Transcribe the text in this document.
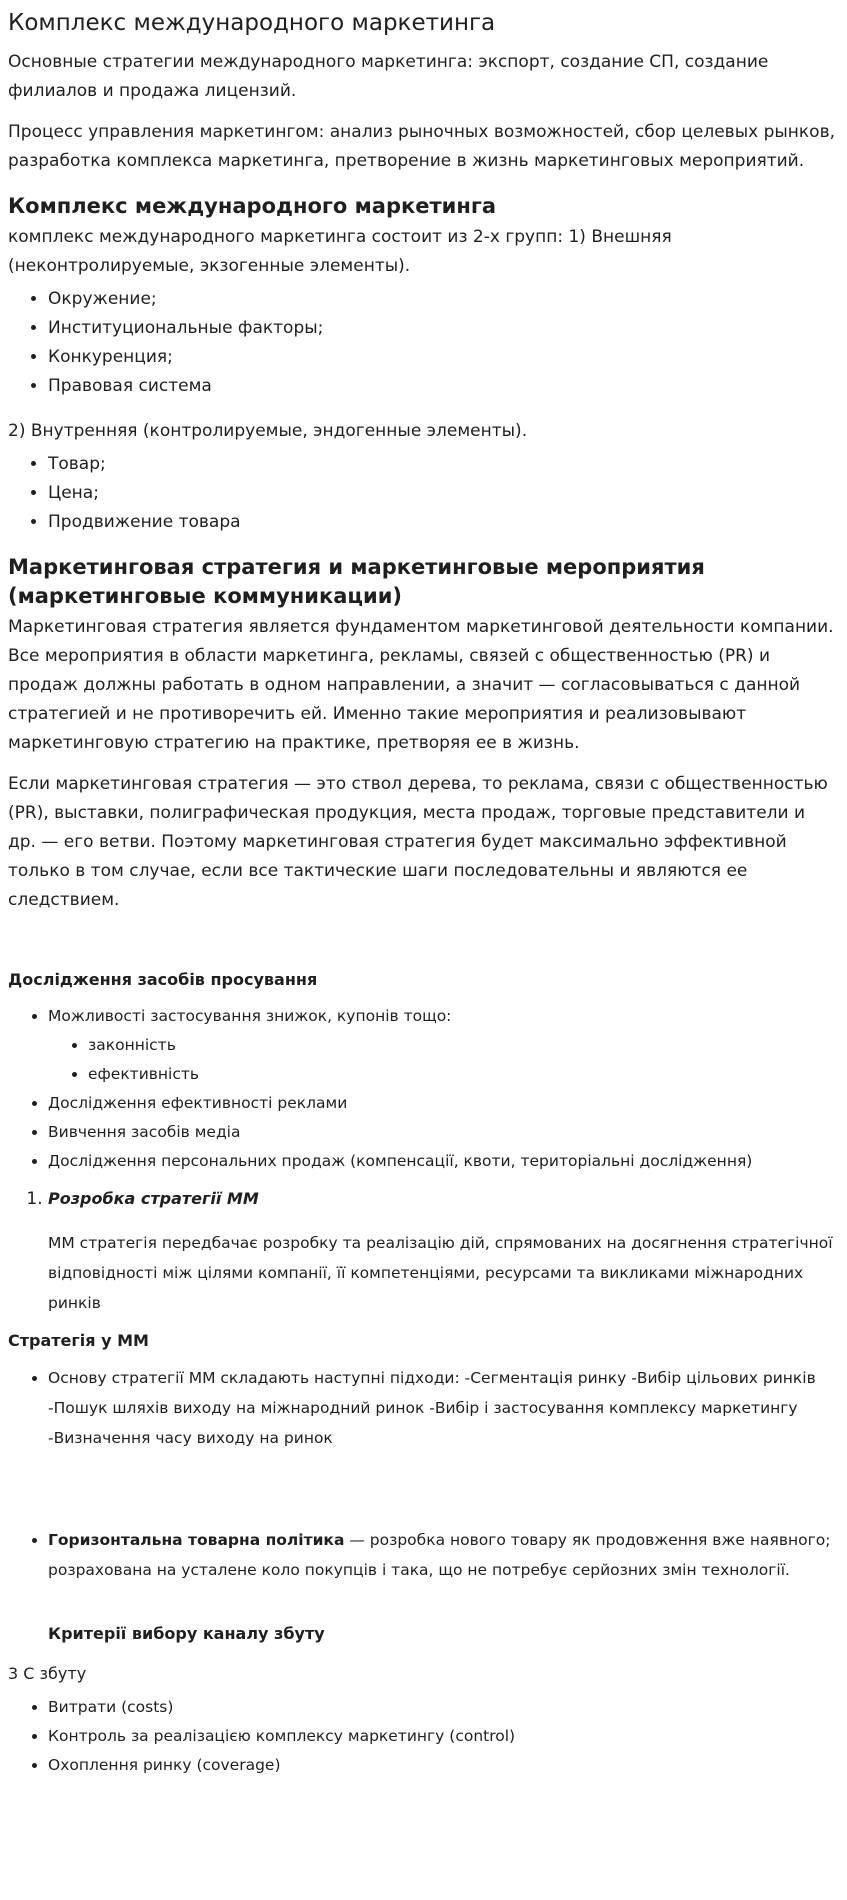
Комплекс международного маркетинга

Основные стратегии международного маркетинга: экспорт, создание СП, создание филиалов и продажа лицензий.

Процесс управления маркетингом: анализ рыночных возможностей, сбор целевых рынков, разработка комплекса маркетинга, претворение в жизнь маркетинговых мероприятий.

Комплекс международного маркетинга

комплекс международного маркетинга состоит из 2-х групп: 1) Внешняя (неконтролируемые, экзогенные элементы).

• Окружение;
• Институциональные факторы;
• Конкуренция;
• Правовая система

2) Внутренняя (контролируемые, эндогенные элементы).

• Товар;
• Цена;
• Продвижение товара
Маркетинговая стратегия и маркетинговые мероприятия (маркетинговые коммуникации)

Маркетинговая стратегия является фундаментом маркетинговой деятельности компании. Все мероприятия в области маркетинга, рекламы, связей с общественностью (PR) и продаж должны работать в одном направлении, а значит — согласовываться с данной стратегией и не противоречить ей. Именно такие мероприятия и реализовывают маркетинговую стратегию на практике, претворяя ее в жизнь.

Если маркетинговая стратегия — это ствол дерева, то реклама, связи с общественностью (PR), выставки, полиграфическая продукция, места продаж, торговые представители и др. — его ветви. Поэтому маркетинговая стратегия будет максимально эффективной только в том случае, если все тактические шаги последовательны и являются ее следствием.

Дослідження засобів просування
• Можливості застосування знижок, купонів тощо:
• законність
• ефективність
• Дослідження ефективності реклами
• Вивчення засобів медіа
• Дослідження персональних продаж (компенсації, квоти, територіальні дослідження)
1. Розробка стратегії ММ

ММ стратегія передбачає розробку та реалізацію дій, спрямованих на досягнення стратегічної відповідності між цілями компанії, її компетенціями, ресурсами та викликами міжнародних ринків

Стратегія у ММ
• Основу стратегії ММ складають наступні підходи: -Сегментація ринку -Вибір цільових ринків -Пошук шляхів виходу на міжнародний ринок -Вибір і застосування комплексу маркетингу -Визначення часу виходу на ринок
• Горизонтальна товарна політика — розробка нового товару як продовження вже наявного; розрахована на усталене коло покупців і така, що не потребує серйозних змін технології.

Критерії вибору каналу збуту

3 С збуту

• Витрати (costs)
• Контроль за реалізацією комплексу маркетингу (control)
• Охоплення ринку (coverage)
